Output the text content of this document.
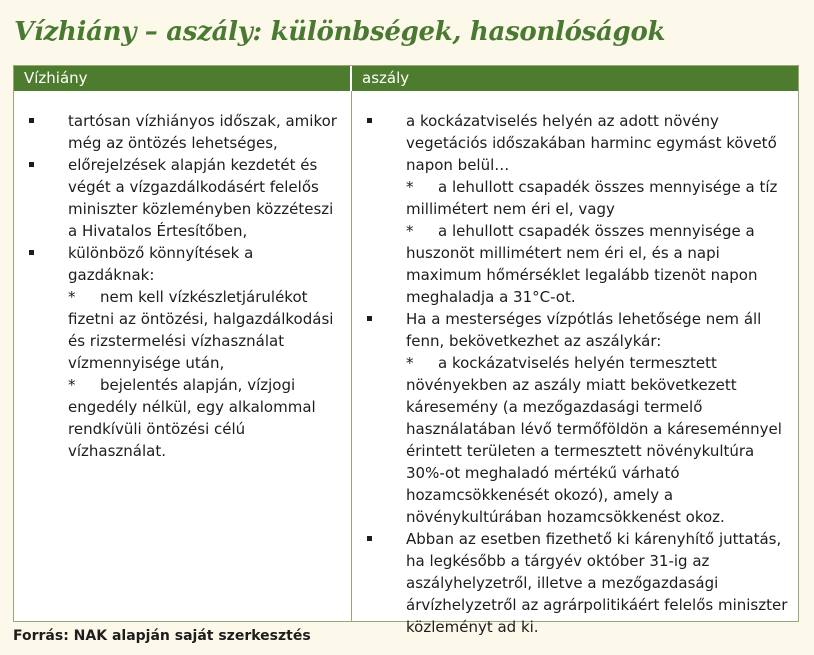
Vízhiány – aszály: különbségek, hasonlóságok
Vízhiány	aszály
tartósan vízhiányos időszak, amikor még az öntözés lehetséges,
előrejelzések alapján kezdetét és végét a vízgazdálkodásért felelős miniszter közleményben közzéteszi a Hivatalos Értesítőben,
különböző könnyítések a gazdáknak:
* nem kell vízkészletjárulékot fizetni az öntözési, halgazdálkodási és rizstermelési vízhasználat vízmennyisége után,
* bejelentés alapján, vízjogi engedély nélkül, egy alkalommal rendkívüli öntözési célú vízhasználat.
a kockázatviselés helyén az adott növény vegetációs időszakában harminc egymást követő napon belül…
* a lehullott csapadék összes mennyisége a tíz millimétert nem éri el, vagy
* a lehullott csapadék összes mennyisége a huszonöt millimétert nem éri el, és a napi maximum hőmérséklet legalább tizenöt napon meghaladja a 31°C-ot.
Ha a mesterséges vízpótlás lehetősége nem áll fenn, bekövetkezhet az aszálykár:
* a kockázatviselés helyén termesztett növényekben az aszály miatt bekövetkezett káresemény (a mezőgazdasági termelő használatában lévő termőföldön a káreseménnyel érintett területen a termesztett növénykultúra 30%-ot meghaladó mértékű várható hozamcsökkenését okozó), amely a növénykultúrában hozamcsökkenést okoz.
Abban az esetben fizethető ki kárenyhítő juttatás, ha legkésőbb a tárgyév október 31-ig az aszályhelyzetről, illetve a mezőgazdasági árvízhelyzetről az agrárpolitikáért felelős miniszter közleményt ad ki.
Forrás: NAK alapján saját szerkesztés
